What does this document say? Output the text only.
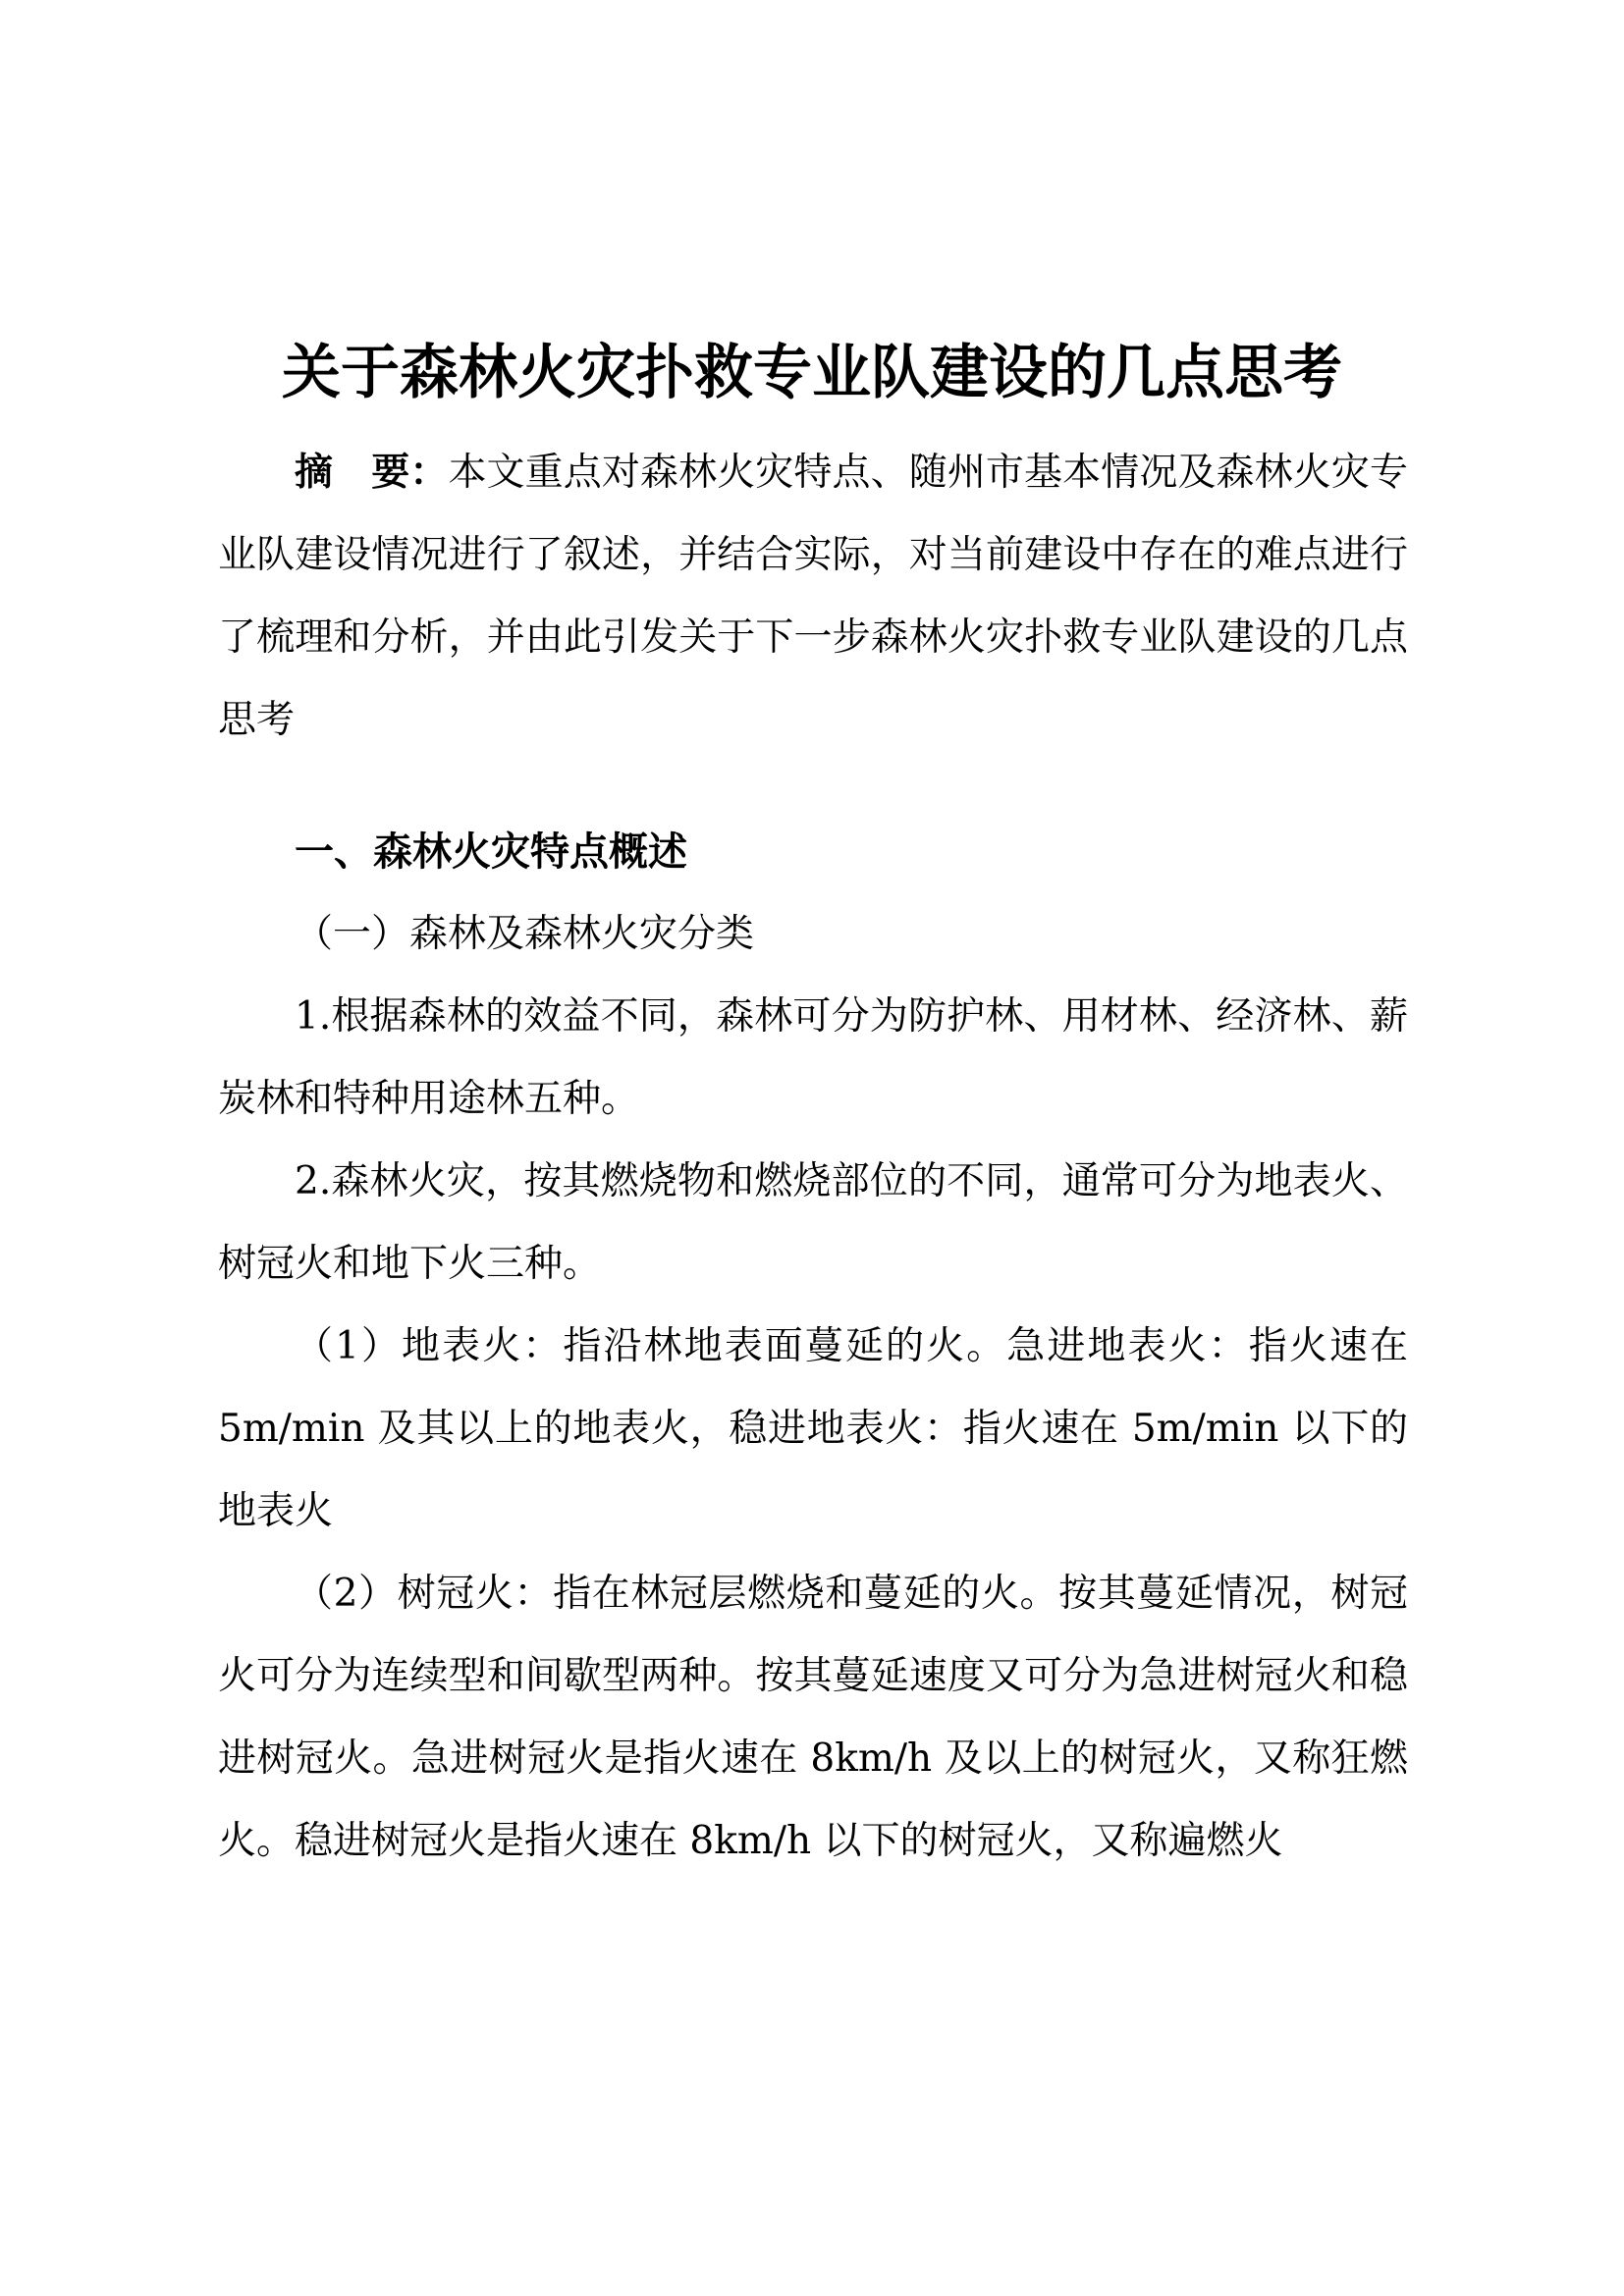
关于森林火灾扑救专业队建设的几点思考

摘　要：本文重点对森林火灾特点、随州市基本情况及森林火灾专业队建设情况进行了叙述，并结合实际，对当前建设中存在的难点进行了梳理和分析，并由此引发关于下一步森林火灾扑救专业队建设的几点思考

一、森林火灾特点概述

（一）森林及森林火灾分类

1.根据森林的效益不同，森林可分为防护林、用材林、经济林、薪炭林和特种用途林五种。

2.森林火灾，按其燃烧物和燃烧部位的不同，通常可分为地表火、树冠火和地下火三种。

（1）地表火：指沿林地表面蔓延的火。急进地表火：指火速在 5m/min 及其以上的地表火，稳进地表火：指火速在 5m/min 以下的地表火

（2）树冠火：指在林冠层燃烧和蔓延的火。按其蔓延情况，树冠火可分为连续型和间歇型两种。按其蔓延速度又可分为急进树冠火和稳进树冠火。急进树冠火是指火速在 8km/h 及以上的树冠火，又称狂燃火。稳进树冠火是指火速在 8km/h 以下的树冠火，又称遍燃火
